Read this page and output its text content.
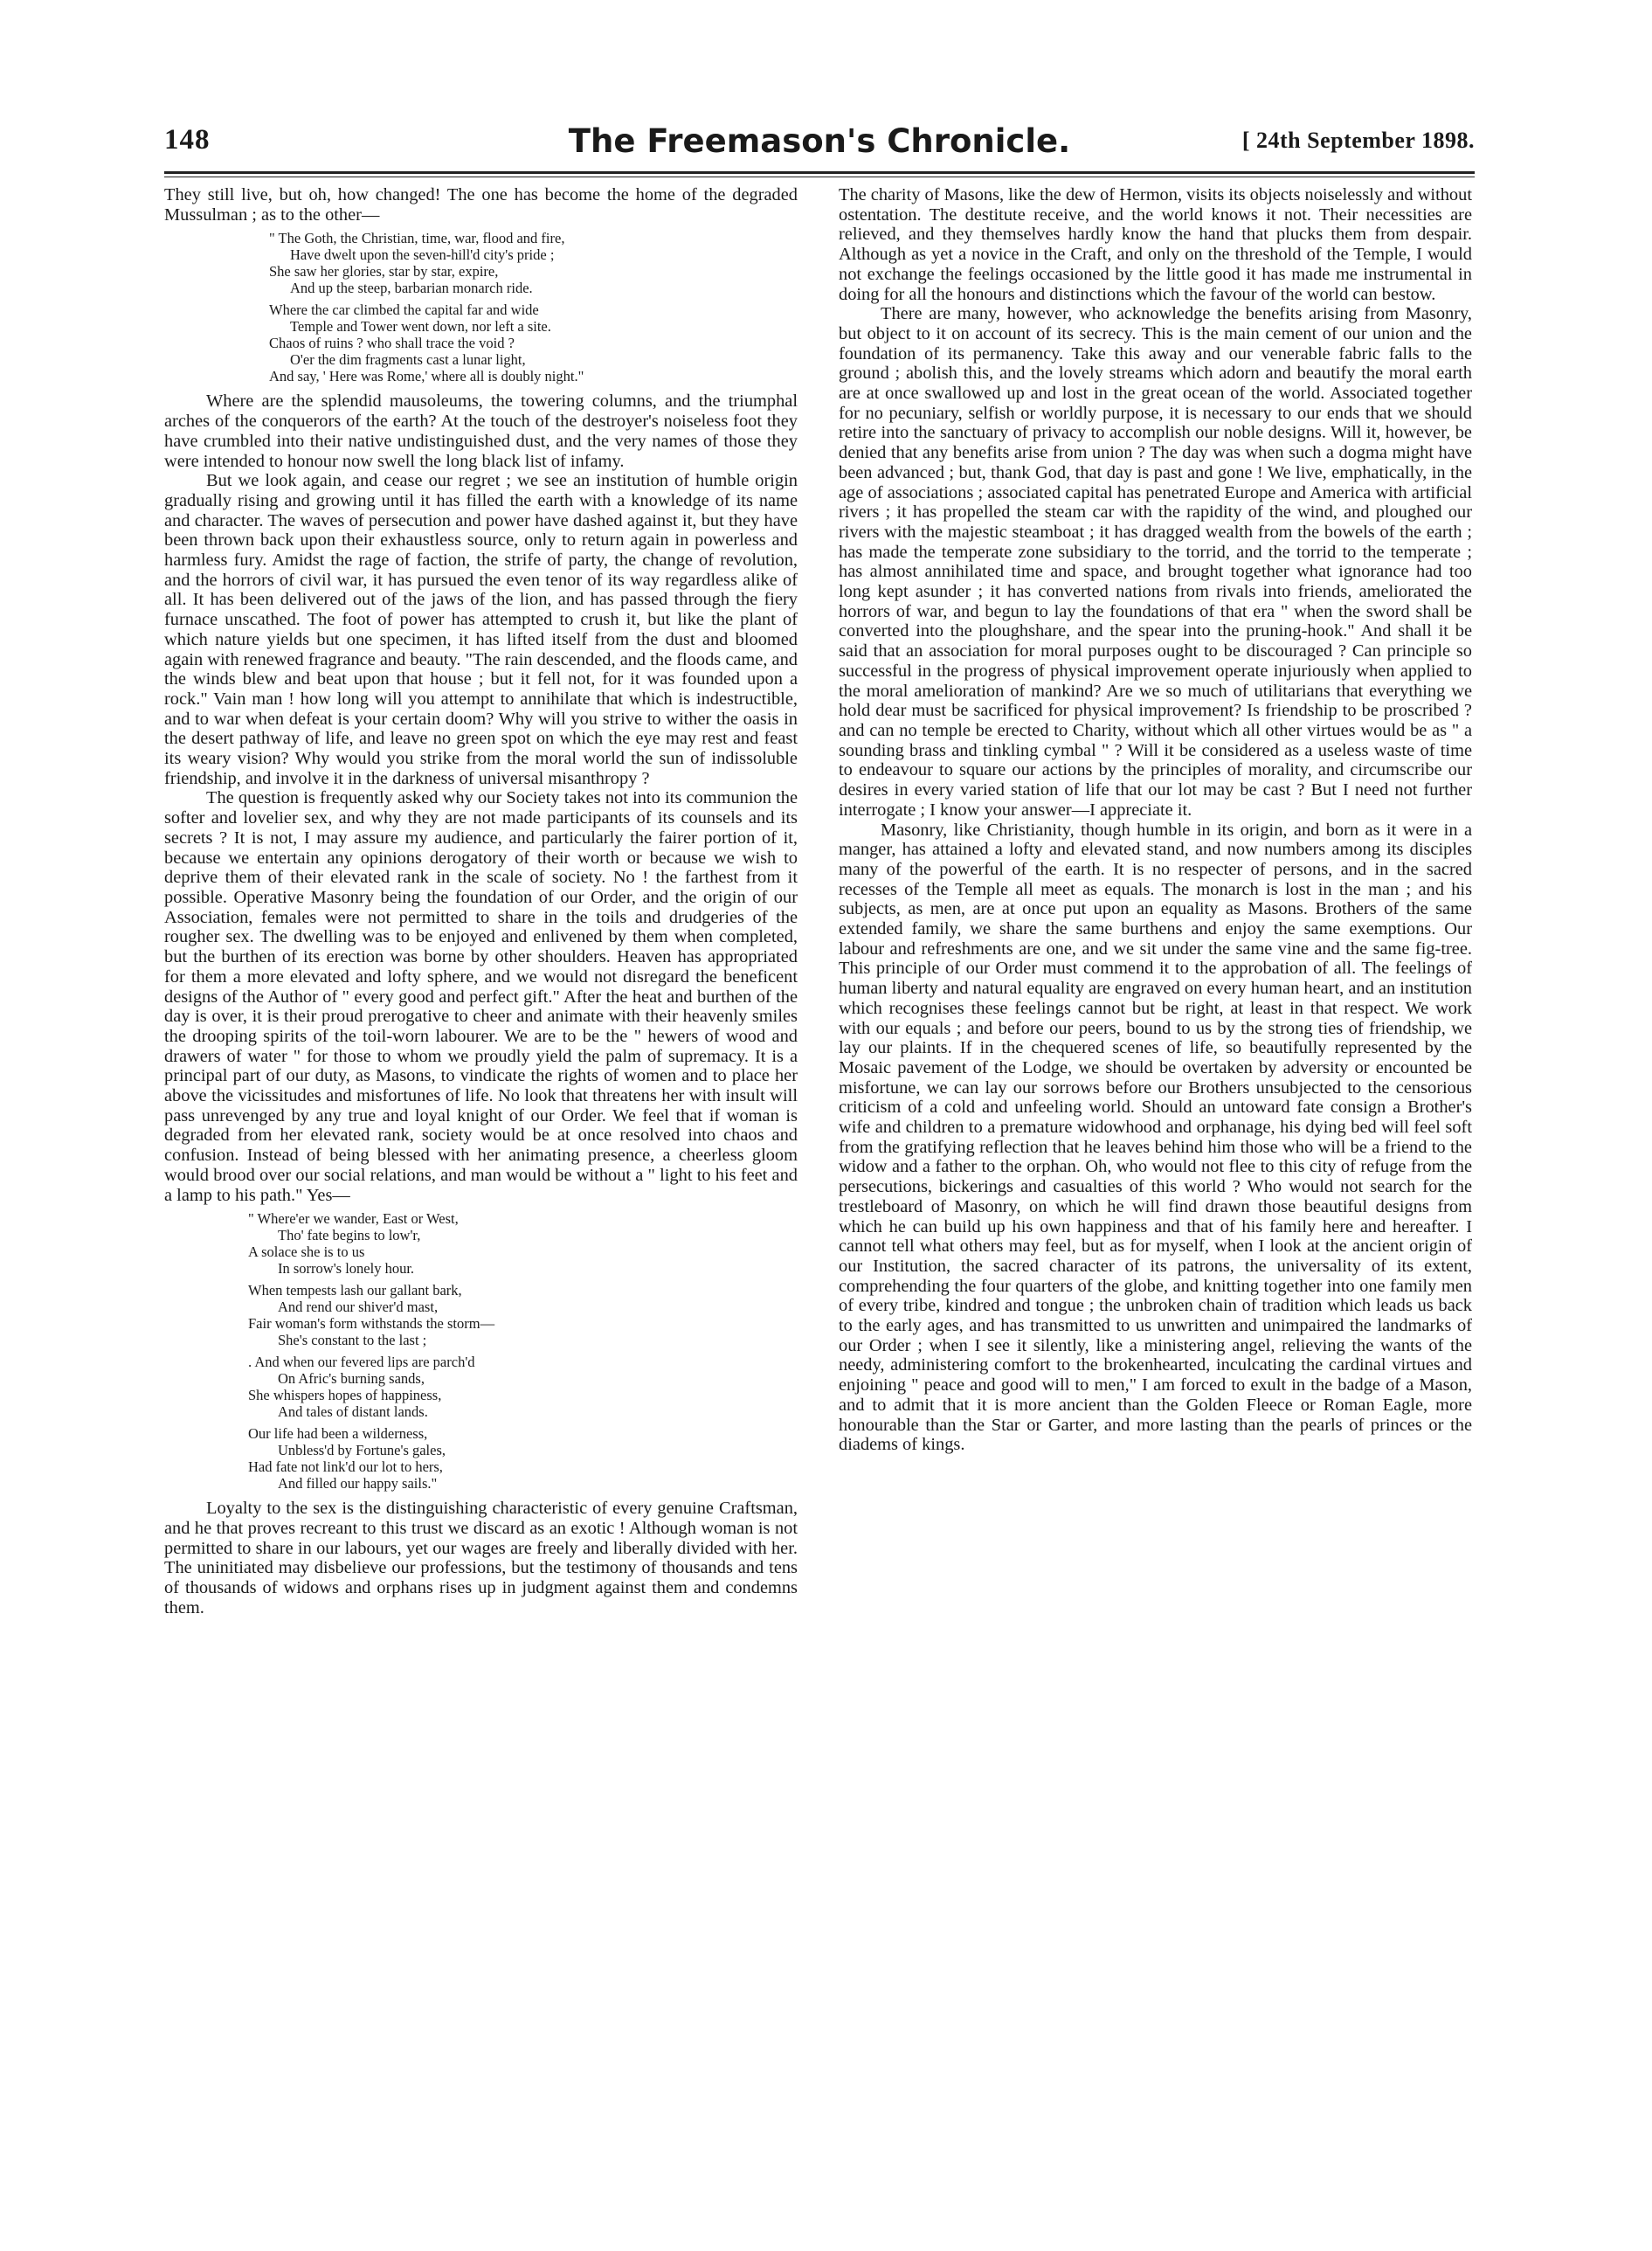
148	The Freemason's Chronicle.	[ 24th September 1898.

They still live, but oh, how changed! The one has become the home of the degraded Mussulman ; as to the other—

" The Goth, the Christian, time, war, flood and fire,
Have dwelt upon the seven-hill'd city's pride ;
She saw her glories, star by star, expire,
And up the steep, barbarian monarch ride.
Where the car climbed the capital far and wide
Temple and Tower went down, nor left a site.
Chaos of ruins ? who shall trace the void ?
O'er the dim fragments cast a lunar light,
And say, ' Here was Rome,' where all is doubly night."

Where are the splendid mausoleums, the towering columns, and the triumphal arches of the conquerors of the earth? At the touch of the destroyer's noiseless foot they have crumbled into their native undistinguished dust, and the very names of those they were intended to honour now swell the long black list of infamy.

But we look again, and cease our regret ; we see an institution of humble origin gradually rising and growing until it has filled the earth with a knowledge of its name and character. The waves of persecution and power have dashed against it, but they have been thrown back upon their exhaustless source, only to return again in powerless and harmless fury. Amidst the rage of faction, the strife of party, the change of revolution, and the horrors of civil war, it has pursued the even tenor of its way regardless alike of all. It has been delivered out of the jaws of the lion, and has passed through the fiery furnace unscathed. The foot of power has attempted to crush it, but like the plant of which nature yields but one specimen, it has lifted itself from the dust and bloomed again with renewed fragrance and beauty. "The rain descended, and the floods came, and the winds blew and beat upon that house ; but it fell not, for it was founded upon a rock." Vain man ! how long will you attempt to annihilate that which is indestructible, and to war when defeat is your certain doom? Why will you strive to wither the oasis in the desert pathway of life, and leave no green spot on which the eye may rest and feast its weary vision? Why would you strike from the moral world the sun of indissoluble friendship, and involve it in the darkness of universal misanthropy ?

The question is frequently asked why our Society takes not into its communion the softer and lovelier sex, and why they are not made participants of its counsels and its secrets ? It is not, I may assure my audience, and particularly the fairer portion of it, because we entertain any opinions derogatory of their worth or because we wish to deprive them of their elevated rank in the scale of society. No ! the farthest from it possible. Operative Masonry being the foundation of our Order, and the origin of our Association, females were not permitted to share in the toils and drudgeries of the rougher sex. The dwelling was to be enjoyed and enlivened by them when completed, but the burthen of its erection was borne by other shoulders. Heaven has appropriated for them a more elevated and lofty sphere, and we would not disregard the beneficent designs of the Author of " every good and perfect gift." After the heat and burthen of the day is over, it is their proud prerogative to cheer and animate with their heavenly smiles the drooping spirits of the toil-worn labourer. We are to be the " hewers of wood and drawers of water " for those to whom we proudly yield the palm of supremacy. It is a principal part of our duty, as Masons, to vindicate the rights of women and to place her above the vicissitudes and misfortunes of life. No look that threatens her with insult will pass unrevenged by any true and loyal knight of our Order. We feel that if woman is degraded from her elevated rank, society would be at once resolved into chaos and confusion. Instead of being blessed with her animating presence, a cheerless gloom would brood over our social relations, and man would be without a " light to his feet and a lamp to his path." Yes—

" Where'er we wander, East or West,
Tho' fate begins to low'r,
A solace she is to us
In sorrow's lonely hour.
When tempests lash our gallant bark,
And rend our shiver'd mast,
Fair woman's form withstands the storm—
She's constant to the last ;
. And when our fevered lips are parch'd
On Afric's burning sands,
She whispers hopes of happiness,
And tales of distant lands.
Our life had been a wilderness,
Unbless'd by Fortune's gales,
Had fate not link'd our lot to hers,
And filled our happy sails."

Loyalty to the sex is the distinguishing characteristic of every genuine Craftsman, and he that proves recreant to this trust we discard as an exotic ! Although woman is not permitted to share in our labours, yet our wages are freely and liberally divided with her. The uninitiated may disbelieve our professions, but the testimony of thousands and tens of thousands of widows and orphans rises up in judgment against them and condemns them.

The charity of Masons, like the dew of Hermon, visits its objects noiselessly and without ostentation. The destitute receive, and the world knows it not. Their necessities are relieved, and they themselves hardly know the hand that plucks them from despair. Although as yet a novice in the Craft, and only on the threshold of the Temple, I would not exchange the feelings occasioned by the little good it has made me instrumental in doing for all the honours and distinctions which the favour of the world can bestow.

There are many, however, who acknowledge the benefits arising from Masonry, but object to it on account of its secrecy. This is the main cement of our union and the foundation of its permanency. Take this away and our venerable fabric falls to the ground ; abolish this, and the lovely streams which adorn and beautify the moral earth are at once swallowed up and lost in the great ocean of the world. Associated together for no pecuniary, selfish or worldly purpose, it is necessary to our ends that we should retire into the sanctuary of privacy to accomplish our noble designs. Will it, however, be denied that any benefits arise from union ? The day was when such a dogma might have been advanced ; but, thank God, that day is past and gone ! We live, emphatically, in the age of associations ; associated capital has penetrated Europe and America with artificial rivers ; it has propelled the steam car with the rapidity of the wind, and ploughed our rivers with the majestic steamboat ; it has dragged wealth from the bowels of the earth ; has made the temperate zone subsidiary to the torrid, and the torrid to the temperate ; has almost annihilated time and space, and brought together what ignorance had too long kept asunder ; it has converted nations from rivals into friends, ameliorated the horrors of war, and begun to lay the foundations of that era " when the sword shall be converted into the ploughshare, and the spear into the pruning-hook." And shall it be said that an association for moral purposes ought to be discouraged ? Can principle so successful in the progress of physical improvement operate injuriously when applied to the moral amelioration of mankind? Are we so much of utilitarians that everything we hold dear must be sacrificed for physical improvement? Is friendship to be proscribed ? and can no temple be erected to Charity, without which all other virtues would be as " a sounding brass and tinkling cymbal " ? Will it be considered as a useless waste of time to endeavour to square our actions by the principles of morality, and circumscribe our desires in every varied station of life that our lot may be cast ? But I need not further interrogate ; I know your answer—I appreciate it.

Masonry, like Christianity, though humble in its origin, and born as it were in a manger, has attained a lofty and elevated stand, and now numbers among its disciples many of the powerful of the earth. It is no respecter of persons, and in the sacred recesses of the Temple all meet as equals. The monarch is lost in the man ; and his subjects, as men, are at once put upon an equality as Masons. Brothers of the same extended family, we share the same burthens and enjoy the same exemptions. Our labour and refreshments are one, and we sit under the same vine and the same fig-tree. This principle of our Order must commend it to the approbation of all. The feelings of human liberty and natural equality are engraved on every human heart, and an institution which recognises these feelings cannot but be right, at least in that respect. We work with our equals ; and before our peers, bound to us by the strong ties of friendship, we lay our plaints. If in the chequered scenes of life, so beautifully represented by the Mosaic pavement of the Lodge, we should be overtaken by adversity or encounted be misfortune, we can lay our sorrows before our Brothers unsubjected to the censorious criticism of a cold and unfeeling world. Should an untoward fate consign a Brother's wife and children to a premature widowhood and orphanage, his dying bed will feel soft from the gratifying reflection that he leaves behind him those who will be a friend to the widow and a father to the orphan. Oh, who would not flee to this city of refuge from the persecutions, bickerings and casualties of this world ? Who would not search for the trestleboard of Masonry, on which he will find drawn those beautiful designs from which he can build up his own happiness and that of his family here and hereafter. I cannot tell what others may feel, but as for myself, when I look at the ancient origin of our Institution, the sacred character of its patrons, the universality of its extent, comprehending the four quarters of the globe, and knitting together into one family men of every tribe, kindred and tongue ; the unbroken chain of tradition which leads us back to the early ages, and has transmitted to us unwritten and unimpaired the landmarks of our Order ; when I see it silently, like a ministering angel, relieving the wants of the needy, administering comfort to the brokenhearted, inculcating the cardinal virtues and enjoining " peace and good will to men," I am forced to exult in the badge of a Mason, and to admit that it is more ancient than the Golden Fleece or Roman Eagle, more honourable than the Star or Garter, and more lasting than the pearls of princes or the diadems of kings.
